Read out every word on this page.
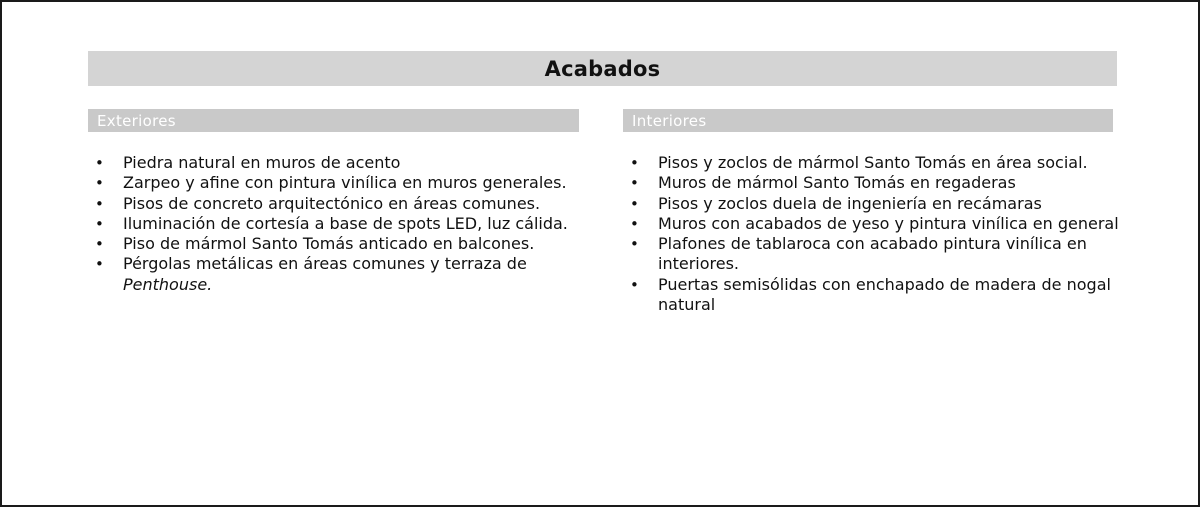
Acabados
Exteriores	Interiores
• Piedra natural en muros de acento
• Zarpeo y afine con pintura vinílica en muros generales.
• Pisos de concreto arquitectónico en áreas comunes.
• Iluminación de cortesía a base de spots LED, luz cálida.
• Piso de mármol Santo Tomás anticado en balcones.
• Pérgolas metálicas en áreas comunes y terraza de Penthouse.
• Pisos y zoclos de mármol Santo Tomás en área social.
• Muros de mármol Santo Tomás en regaderas
• Pisos y zoclos duela de ingeniería en recámaras
• Muros con acabados de yeso y pintura vinílica en general
• Plafones de tablaroca con acabado pintura vinílica en interiores.
• Puertas semisólidas con enchapado de madera de nogal natural
